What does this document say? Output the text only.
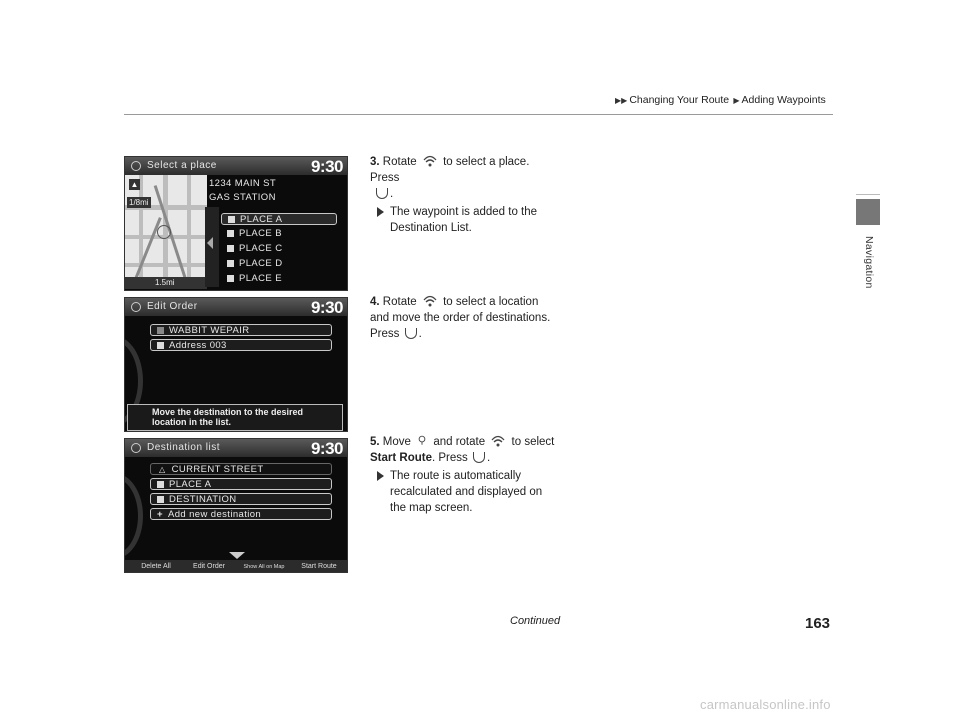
▶▶ Changing Your Route ▶ Adding Waypoints
Navigation
Select a place	9:30
1/8mi
▲
1.5mi
1234 MAIN ST
GAS STATION
PLACE A
PLACE B
PLACE C
PLACE D
PLACE E
Edit Order	9:30
WABBIT WEPAIR
Address 003
Move the destination to the desired location in the list.
Destination list	9:30
△ CURRENT STREET
PLACE A
DESTINATION
+ Add new destination
Delete All	Edit Order	Show All on Map	Start Route
3. Rotate to select a place. Press
.
The waypoint is added to the Destination List.
4. Rotate to select a location and move the order of destinations.
Press .
5. Move and rotate to select
Start Route. Press .
The route is automatically recalculated and displayed on the map screen.
Continued	163
carmanualsonline.info
